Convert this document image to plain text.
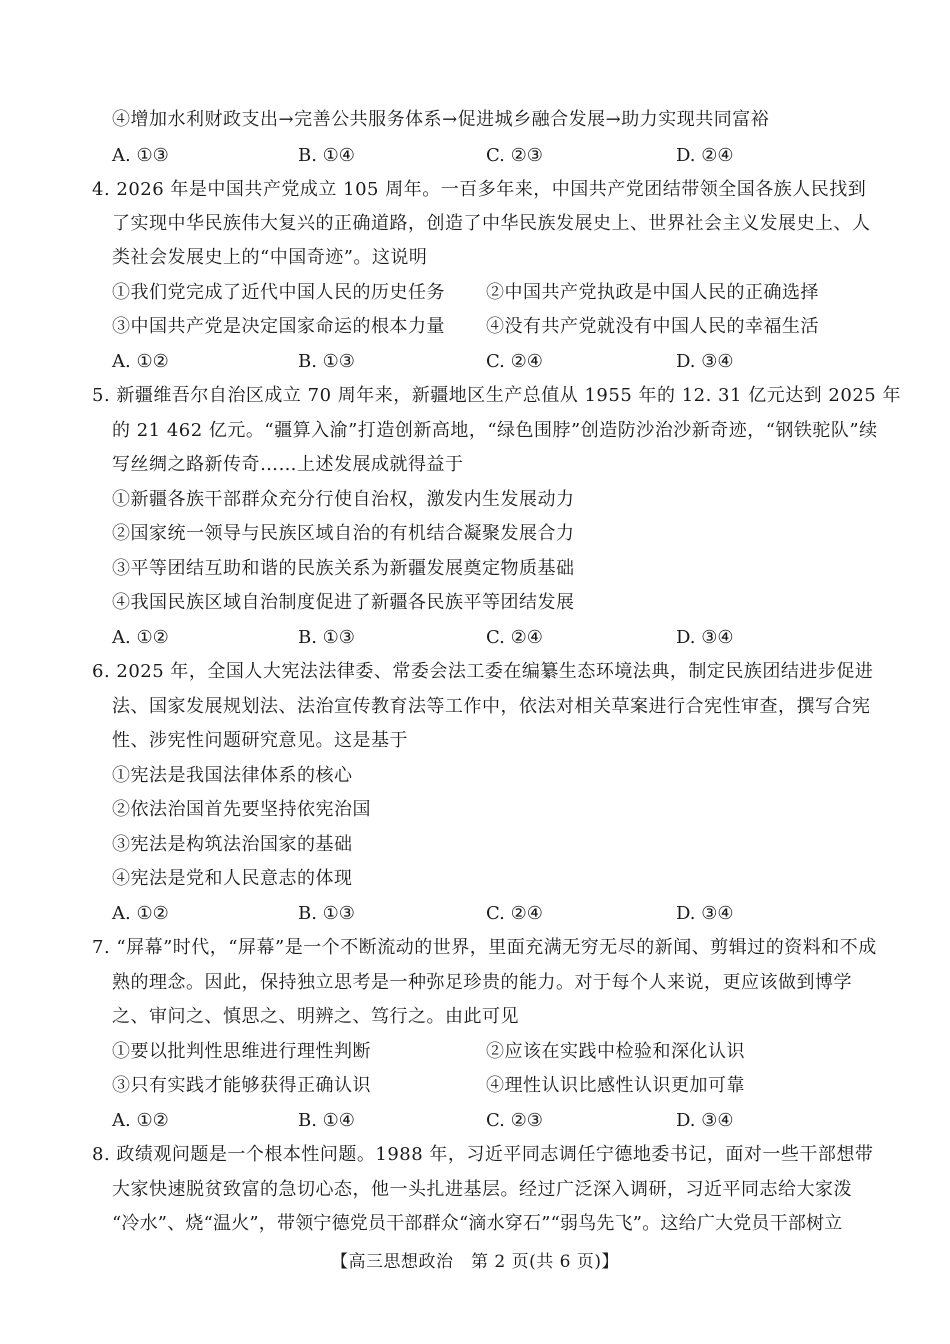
④增加水利财政支出→完善公共服务体系→促进城乡融合发展→助力实现共同富裕
A. ①③	B. ①④	C. ②③	D. ②④
4. 2026 年是中国共产党成立 105 周年。一百多年来，中国共产党团结带领全国各族人民找到
了实现中华民族伟大复兴的正确道路，创造了中华民族发展史上、世界社会主义发展史上、人
类社会发展史上的“中国奇迹”。这说明
①我们党完成了近代中国人民的历史任务 ②中国共产党执政是中国人民的正确选择
③中国共产党是决定国家命运的根本力量 ④没有共产党就没有中国人民的幸福生活
A. ①②	B. ①③	C. ②④	D. ③④
5. 新疆维吾尔自治区成立 70 周年来，新疆地区生产总值从 1955 年的 12. 31 亿元达到 2025 年
的 21 462 亿元。“疆算入渝”打造创新高地，“绿色围脖”创造防沙治沙新奇迹，“钢铁驼队”续
写丝绸之路新传奇……上述发展成就得益于
①新疆各族干部群众充分行使自治权，激发内生发展动力
②国家统一领导与民族区域自治的有机结合凝聚发展合力
③平等团结互助和谐的民族关系为新疆发展奠定物质基础
④我国民族区域自治制度促进了新疆各民族平等团结发展
A. ①②	B. ①③	C. ②④	D. ③④
6. 2025 年，全国人大宪法法律委、常委会法工委在编纂生态环境法典，制定民族团结进步促进
法、国家发展规划法、法治宣传教育法等工作中，依法对相关草案进行合宪性审查，撰写合宪
性、涉宪性问题研究意见。这是基于
①宪法是我国法律体系的核心
②依法治国首先要坚持依宪治国
③宪法是构筑法治国家的基础
④宪法是党和人民意志的体现
A. ①②	B. ①③	C. ②④	D. ③④
7. “屏幕”时代，“屏幕”是一个不断流动的世界，里面充满无穷无尽的新闻、剪辑过的资料和不成
熟的理念。因此，保持独立思考是一种弥足珍贵的能力。对于每个人来说，更应该做到博学
之、审问之、慎思之、明辨之、笃行之。由此可见
①要以批判性思维进行理性判断	②应该在实践中检验和深化认识
③只有实践才能够获得正确认识	④理性认识比感性认识更加可靠
A. ①②	B. ①④	C. ②③	D. ③④
8. 政绩观问题是一个根本性问题。1988 年，习近平同志调任宁德地委书记，面对一些干部想带
大家快速脱贫致富的急切心态，他一头扎进基层。经过广泛深入调研，习近平同志给大家泼
“冷水”、烧“温火”，带领宁德党员干部群众“滴水穿石”“弱鸟先飞”。这给广大党员干部树立
【高三思想政治　第 2 页(共 6 页)】
